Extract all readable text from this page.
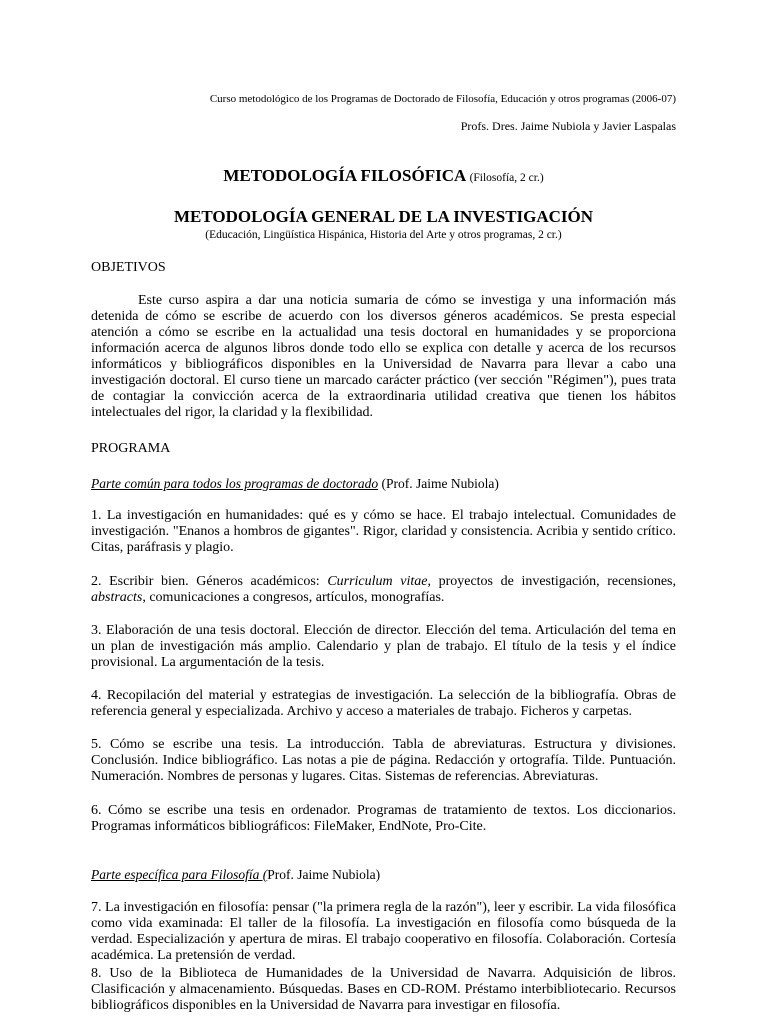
Curso metodológico de los Programas de Doctorado de Filosofía, Educación y otros programas (2006-07)
Profs. Dres. Jaime Nubiola y Javier Laspalas
METODOLOGÍA FILOSÓFICA (Filosofía, 2 cr.)
METODOLOGÍA GENERAL DE LA INVESTIGACIÓN
(Educación, Lingüística Hispánica, Historia del Arte y otros programas, 2 cr.)
OBJETIVOS
Este curso aspira a dar una noticia sumaria de cómo se investiga y una información más detenida de cómo se escribe de acuerdo con los diversos géneros académicos. Se presta especial atención a cómo se escribe en la actualidad una tesis doctoral en humanidades y se proporciona información acerca de algunos libros donde todo ello se explica con detalle y acerca de los recursos informáticos y bibliográficos disponibles en la Universidad de Navarra para llevar a cabo una investigación doctoral. El curso tiene un marcado carácter práctico (ver sección "Régimen"), pues trata de contagiar la convicción acerca de la extraordinaria utilidad creativa que tienen los hábitos intelectuales del rigor, la claridad y la flexibilidad.
PROGRAMA
Parte común para todos los programas de doctorado (Prof. Jaime Nubiola)
1. La investigación en humanidades: qué es y cómo se hace. El trabajo intelectual. Comunidades de investigación. "Enanos a hombros de gigantes". Rigor, claridad y consistencia. Acribia y sentido crítico. Citas, paráfrasis y plagio.
2. Escribir bien. Géneros académicos: Curriculum vitae, proyectos de investigación, recensiones, abstracts, comunicaciones a congresos, artículos, monografías.
3. Elaboración de una tesis doctoral. Elección de director. Elección del tema. Articulación del tema en un plan de investigación más amplio. Calendario y plan de trabajo. El título de la tesis y el índice provisional. La argumentación de la tesis.
4. Recopilación del material y estrategias de investigación. La selección de la bibliografía. Obras de referencia general y especializada. Archivo y acceso a materiales de trabajo. Ficheros y carpetas.
5. Cómo se escribe una tesis. La introducción. Tabla de abreviaturas. Estructura y divisiones. Conclusión. Indice bibliográfico. Las notas a pie de página. Redacción y ortografía. Tilde. Puntuación. Numeración. Nombres de personas y lugares. Citas. Sistemas de referencias. Abreviaturas.
6. Cómo se escribe una tesis en ordenador. Programas de tratamiento de textos. Los diccionarios. Programas informáticos bibliográficos: FileMaker, EndNote, Pro-Cite.
Parte específica para Filosofía (Prof. Jaime Nubiola)
7. La investigación en filosofía: pensar ("la primera regla de la razón"), leer y escribir. La vida filosófica como vida examinada: El taller de la filosofía. La investigación en filosofía como búsqueda de la verdad. Especialización y apertura de miras. El trabajo cooperativo en filosofía. Colaboración. Cortesía académica. La pretensión de verdad.
8. Uso de la Biblioteca de Humanidades de la Universidad de Navarra. Adquisición de libros. Clasificación y almacenamiento. Búsquedas. Bases en CD-ROM. Préstamo interbibliotecario. Recursos bibliográficos disponibles en la Universidad de Navarra para investigar en filosofía.
